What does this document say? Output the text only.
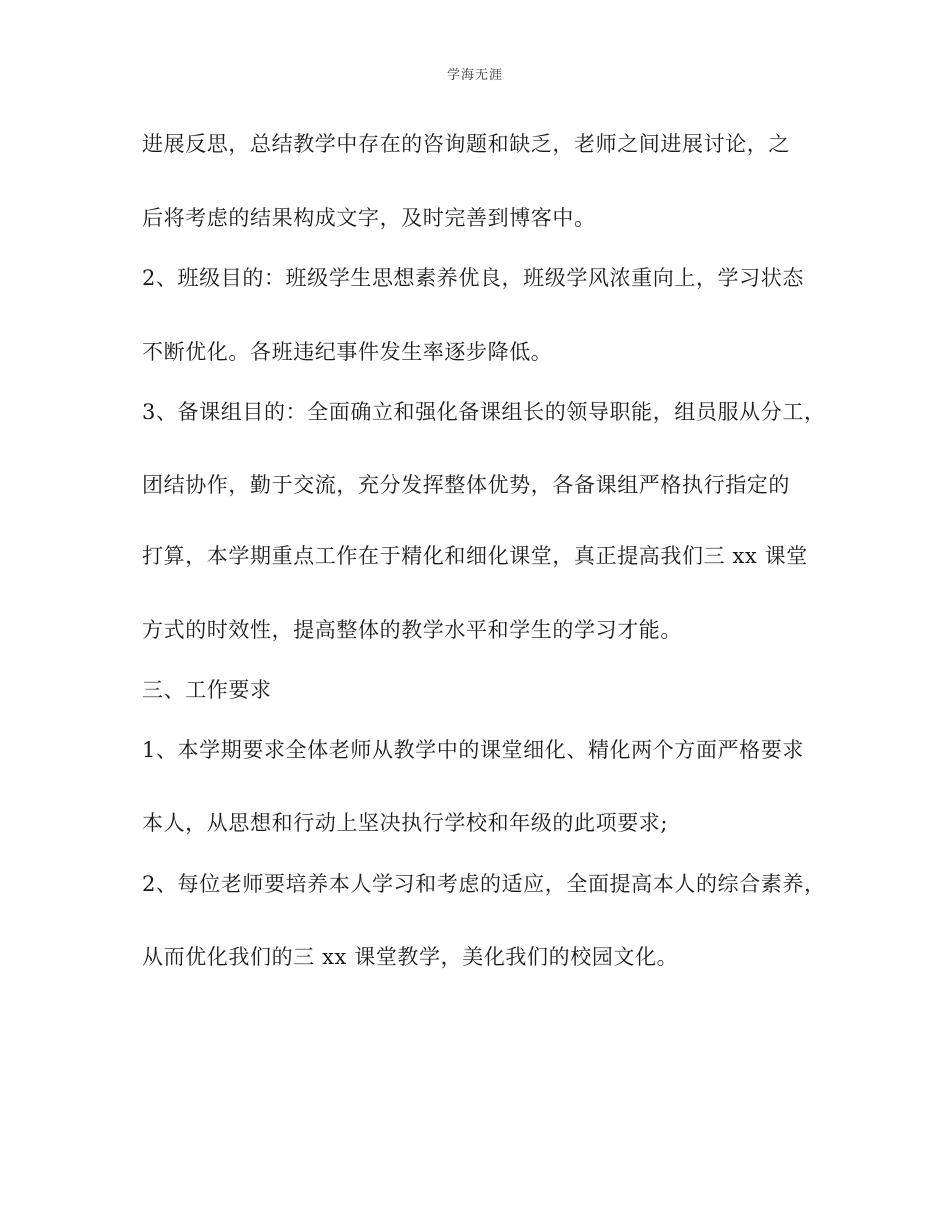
学海无涯
进展反思，总结教学中存在的咨询题和缺乏，老师之间进展讨论，之
后将考虑的结果构成文字，及时完善到博客中。
2、班级目的：班级学生思想素养优良，班级学风浓重向上，学习状态
不断优化。各班违纪事件发生率逐步降低。
3、备课组目的：全面确立和强化备课组长的领导职能，组员服从分工，
团结协作，勤于交流，充分发挥整体优势，各备课组严格执行指定的
打算，本学期重点工作在于精化和细化课堂，真正提高我们三 xx 课堂
方式的时效性，提高整体的教学水平和学生的学习才能。
三、工作要求
1、本学期要求全体老师从教学中的课堂细化、精化两个方面严格要求
本人，从思想和行动上坚决执行学校和年级的此项要求;
2、每位老师要培养本人学习和考虑的适应，全面提高本人的综合素养，
从而优化我们的三 xx 课堂教学，美化我们的校园文化。
